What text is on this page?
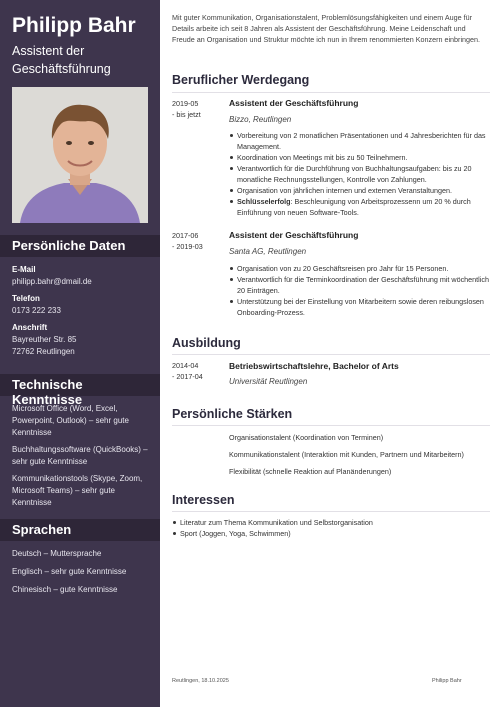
Philipp Bahr
Assistent der Geschäftsführung
Persönliche Daten
E-Mail
philipp.bahr@dmail.de
Telefon
0173 222 233
Anschrift
Bayreuther Str. 85
72762 Reutlingen
Technische Kenntnisse
Microsoft Office (Word, Excel, Powerpoint, Outlook) – sehr gute Kenntnisse
Buchhaltungssoftware (QuickBooks) – sehr gute Kenntnisse
Kommunikationstools (Skype, Zoom, Microsoft Teams) – sehr gute Kenntnisse
Sprachen
Deutsch – Muttersprache
Englisch – sehr gute Kenntnisse
Chinesisch – gute Kenntnisse
Mit guter Kommunikation, Organisationstalent, Problemlösungsfähigkeiten und einem Auge für Details arbeite ich seit 8 Jahren als Assistent der Geschäftsführung. Meine Leidenschaft und Freude an Organisation und Struktur möchte ich nun in Ihrem renommierten Konzern einbringen.
Beruflicher Werdegang
2019-05
- bis jetzt
Assistent der Geschäftsführung
Bizzo, Reutlingen
Vorbereitung von 2 monatlichen Präsentationen und 4 Jahresberichten für das Management.
Koordination von Meetings mit bis zu 50 Teilnehmern.
Verantwortlich für die Durchführung von Buchhaltungsaufgaben: bis zu 20 monatliche Rechnungsstellungen, Kontrolle von Zahlungen.
Organisation von jährlichen internen und externen Veranstaltungen.
Schlüsselerfolg: Beschleunigung von Arbeitsprozessenn um 20 % durch Einführung von neuen Software-Tools.
2017-06
- 2019-03
Assistent der Geschäftsführung
Santa AG, Reutlingen
Organisation von zu 20 Geschäftsreisen pro Jahr für 15 Personen.
Verantwortlich für die Terminkoordination der Geschäftsführung mit wöchentlich 20 Einträgen.
Unterstützung bei der Einstellung von Mitarbeitern sowie deren reibungslosen Onboarding-Prozess.
Ausbildung
2014-04
- 2017-04
Betriebswirtschaftslehre, Bachelor of Arts
Universität Reutlingen
Persönliche Stärken
Organisationstalent (Koordination von Terminen)
Kommunikationstalent (Interaktion mit Kunden, Partnern und Mitarbeitern)
Flexibilität (schnelle Reaktion auf Planänderungen)
Interessen
Literatur zum Thema Kommunikation und Selbstorganisation
Sport (Joggen, Yoga, Schwimmen)
Reutlingen, 18.10.2025	Philipp Bahr
